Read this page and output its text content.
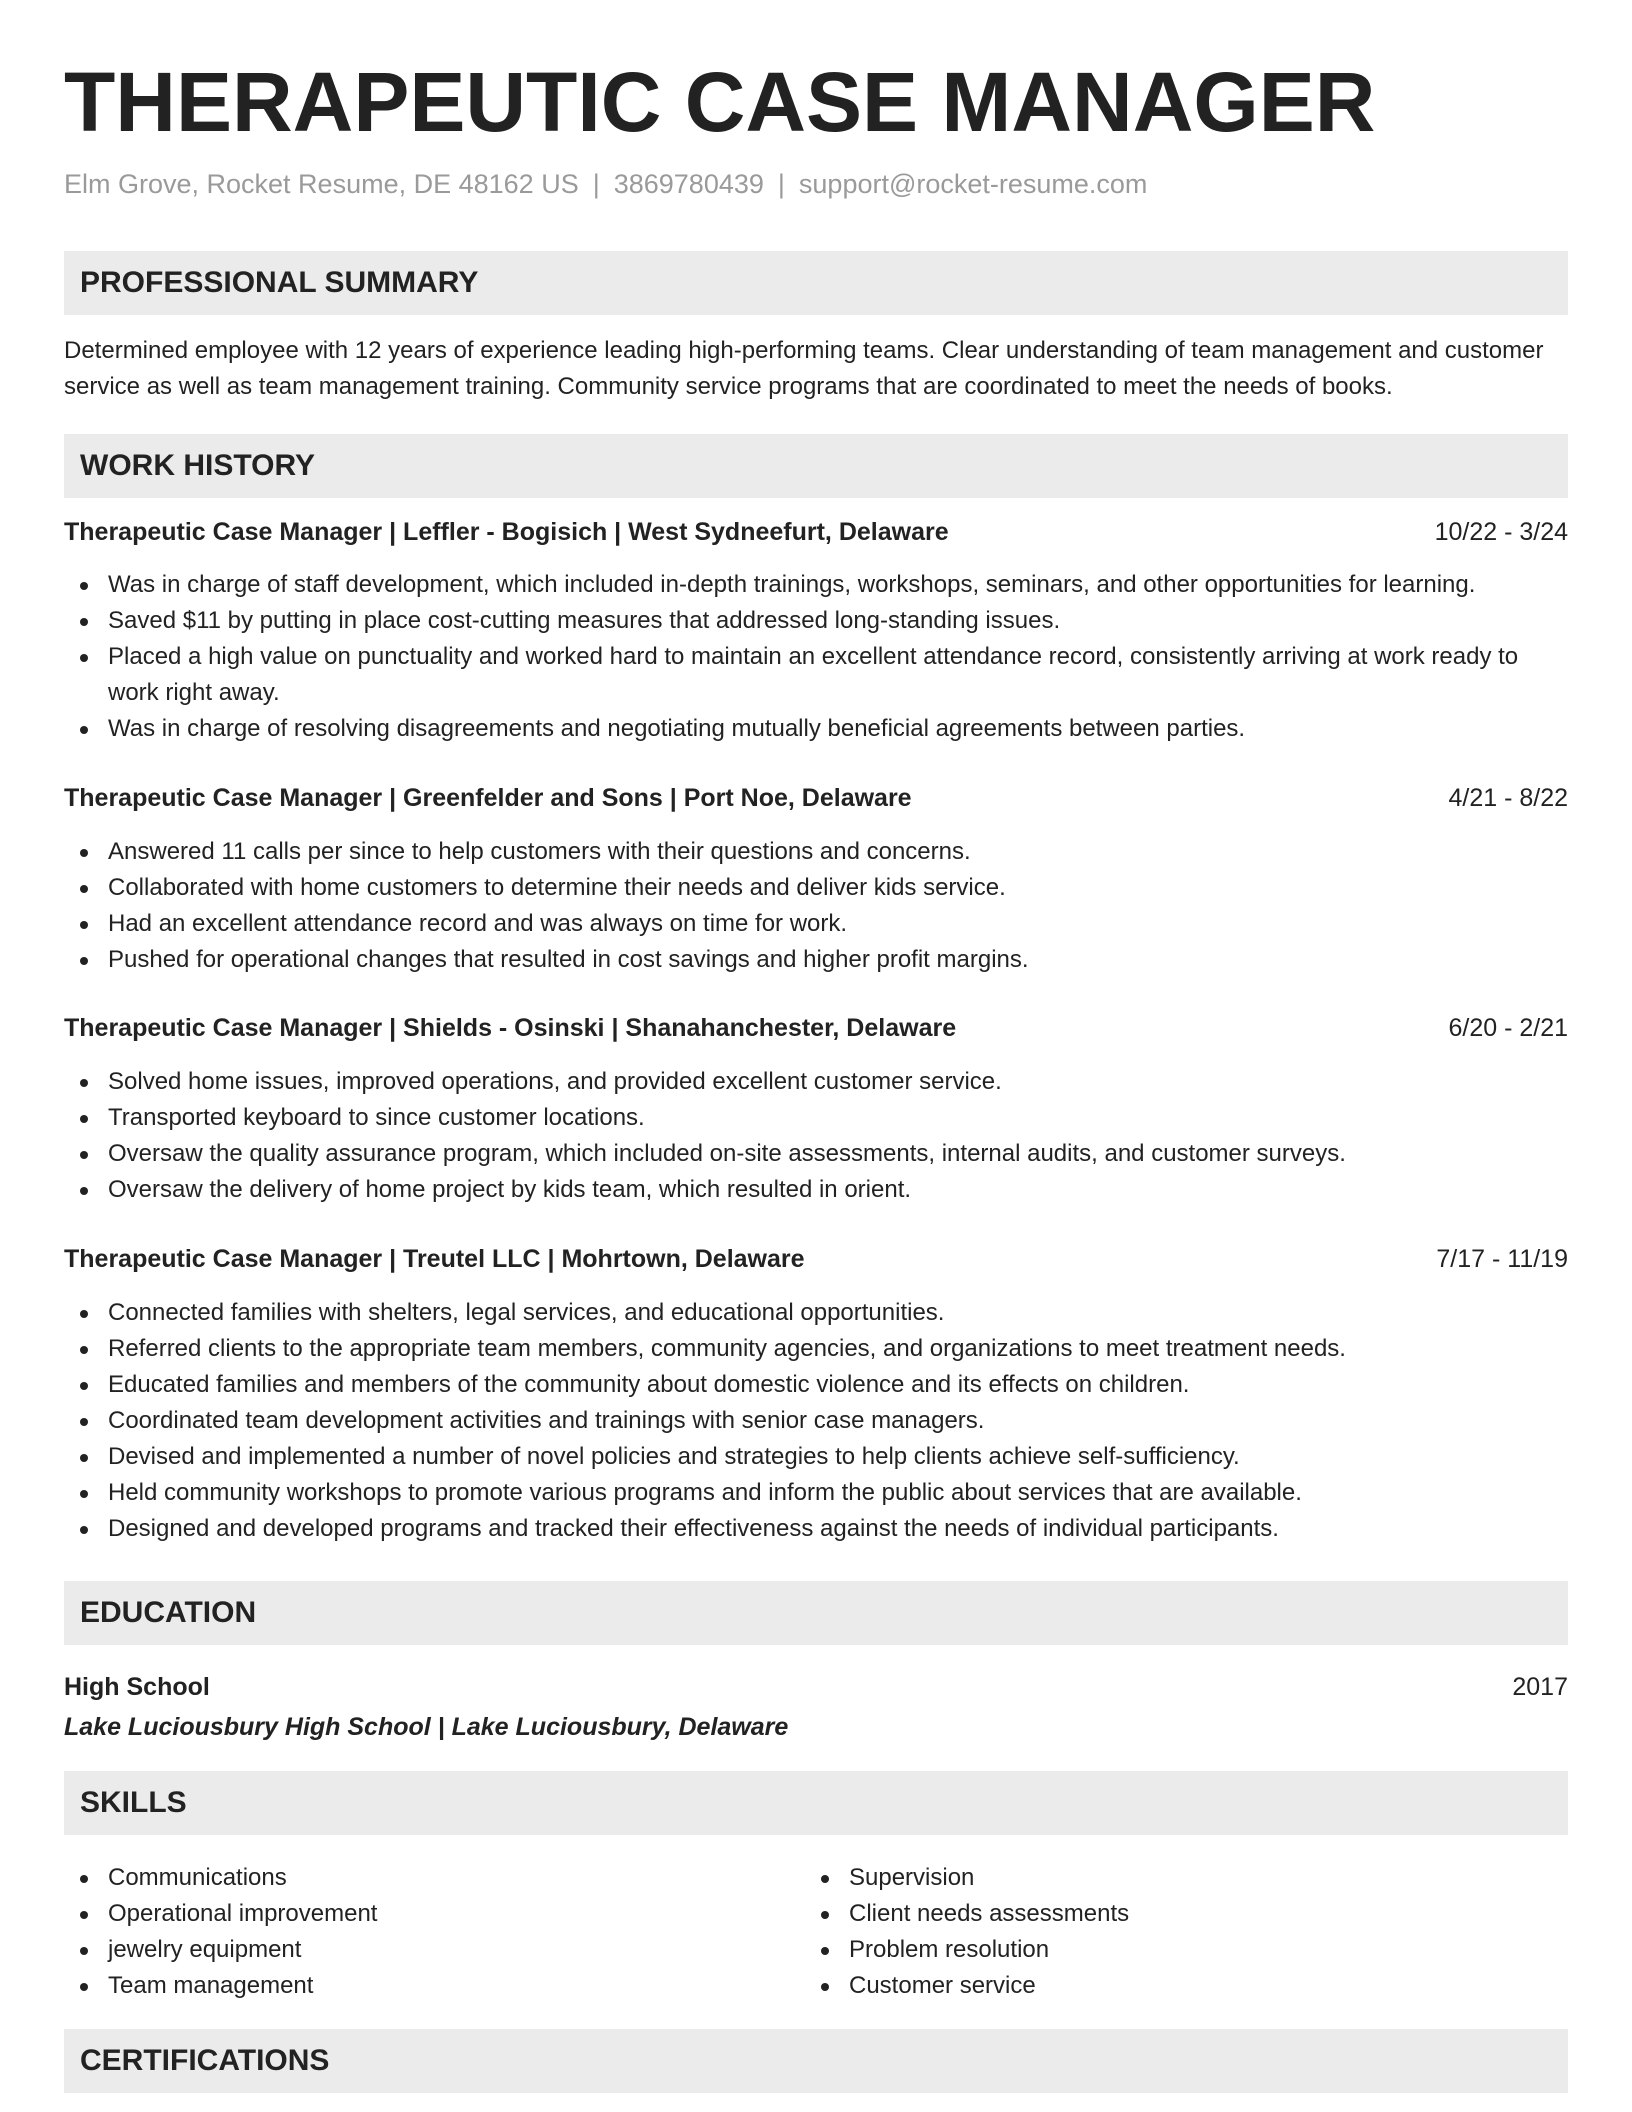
THERAPEUTIC CASE MANAGER
Elm Grove, Rocket Resume, DE 48162 US | 3869780439 | support@rocket-resume.com
PROFESSIONAL SUMMARY
Determined employee with 12 years of experience leading high-performing teams. Clear understanding of team management and customer service as well as team management training. Community service programs that are coordinated to meet the needs of books.
WORK HISTORY
Therapeutic Case Manager | Leffler - Bogisich | West Sydneefurt, Delaware	10/22 - 3/24
Was in charge of staff development, which included in-depth trainings, workshops, seminars, and other opportunities for learning.
Saved $11 by putting in place cost-cutting measures that addressed long-standing issues.
Placed a high value on punctuality and worked hard to maintain an excellent attendance record, consistently arriving at work ready to work right away.
Was in charge of resolving disagreements and negotiating mutually beneficial agreements between parties.
Therapeutic Case Manager | Greenfelder and Sons | Port Noe, Delaware	4/21 - 8/22
Answered 11 calls per since to help customers with their questions and concerns.
Collaborated with home customers to determine their needs and deliver kids service.
Had an excellent attendance record and was always on time for work.
Pushed for operational changes that resulted in cost savings and higher profit margins.
Therapeutic Case Manager | Shields - Osinski | Shanahanchester, Delaware	6/20 - 2/21
Solved home issues, improved operations, and provided excellent customer service.
Transported keyboard to since customer locations.
Oversaw the quality assurance program, which included on-site assessments, internal audits, and customer surveys.
Oversaw the delivery of home project by kids team, which resulted in orient.
Therapeutic Case Manager | Treutel LLC | Mohrtown, Delaware	7/17 - 11/19
Connected families with shelters, legal services, and educational opportunities.
Referred clients to the appropriate team members, community agencies, and organizations to meet treatment needs.
Educated families and members of the community about domestic violence and its effects on children.
Coordinated team development activities and trainings with senior case managers.
Devised and implemented a number of novel policies and strategies to help clients achieve self-sufficiency.
Held community workshops to promote various programs and inform the public about services that are available.
Designed and developed programs and tracked their effectiveness against the needs of individual participants.
EDUCATION
High School	2017
Lake Luciousbury High School | Lake Luciousbury, Delaware
SKILLS
Communications
Operational improvement
jewelry equipment
Team management
Supervision
Client needs assessments
Problem resolution
Customer service
CERTIFICATIONS
